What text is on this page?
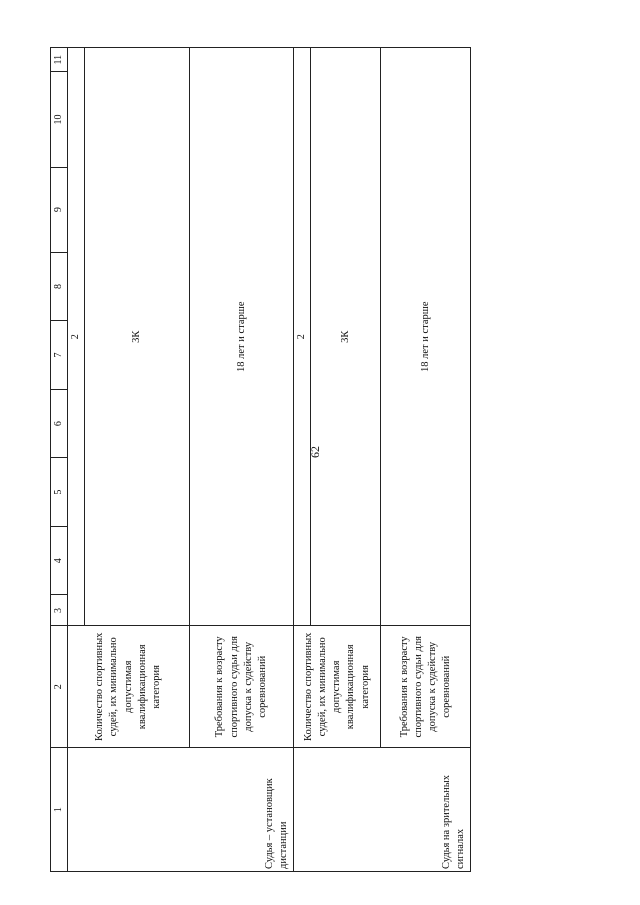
62
1	2	3	4	5	6	7	8	9	10	11
Судья – установщик дистанции	Количество спортивных судей, их минимально допустимая квалификационная категория	2								
		3К								
	Требования к возрасту спортивного судьи для допуска к судейству соревнований	18 лет и старше								
Судья на зрительных сигналах	Количество спортивных судей, их минимально допустимая квалификационная категория	2								
		3К								
	Требования к возрасту спортивного судьи для допуска к судейству соревнований	18 лет и старше								
